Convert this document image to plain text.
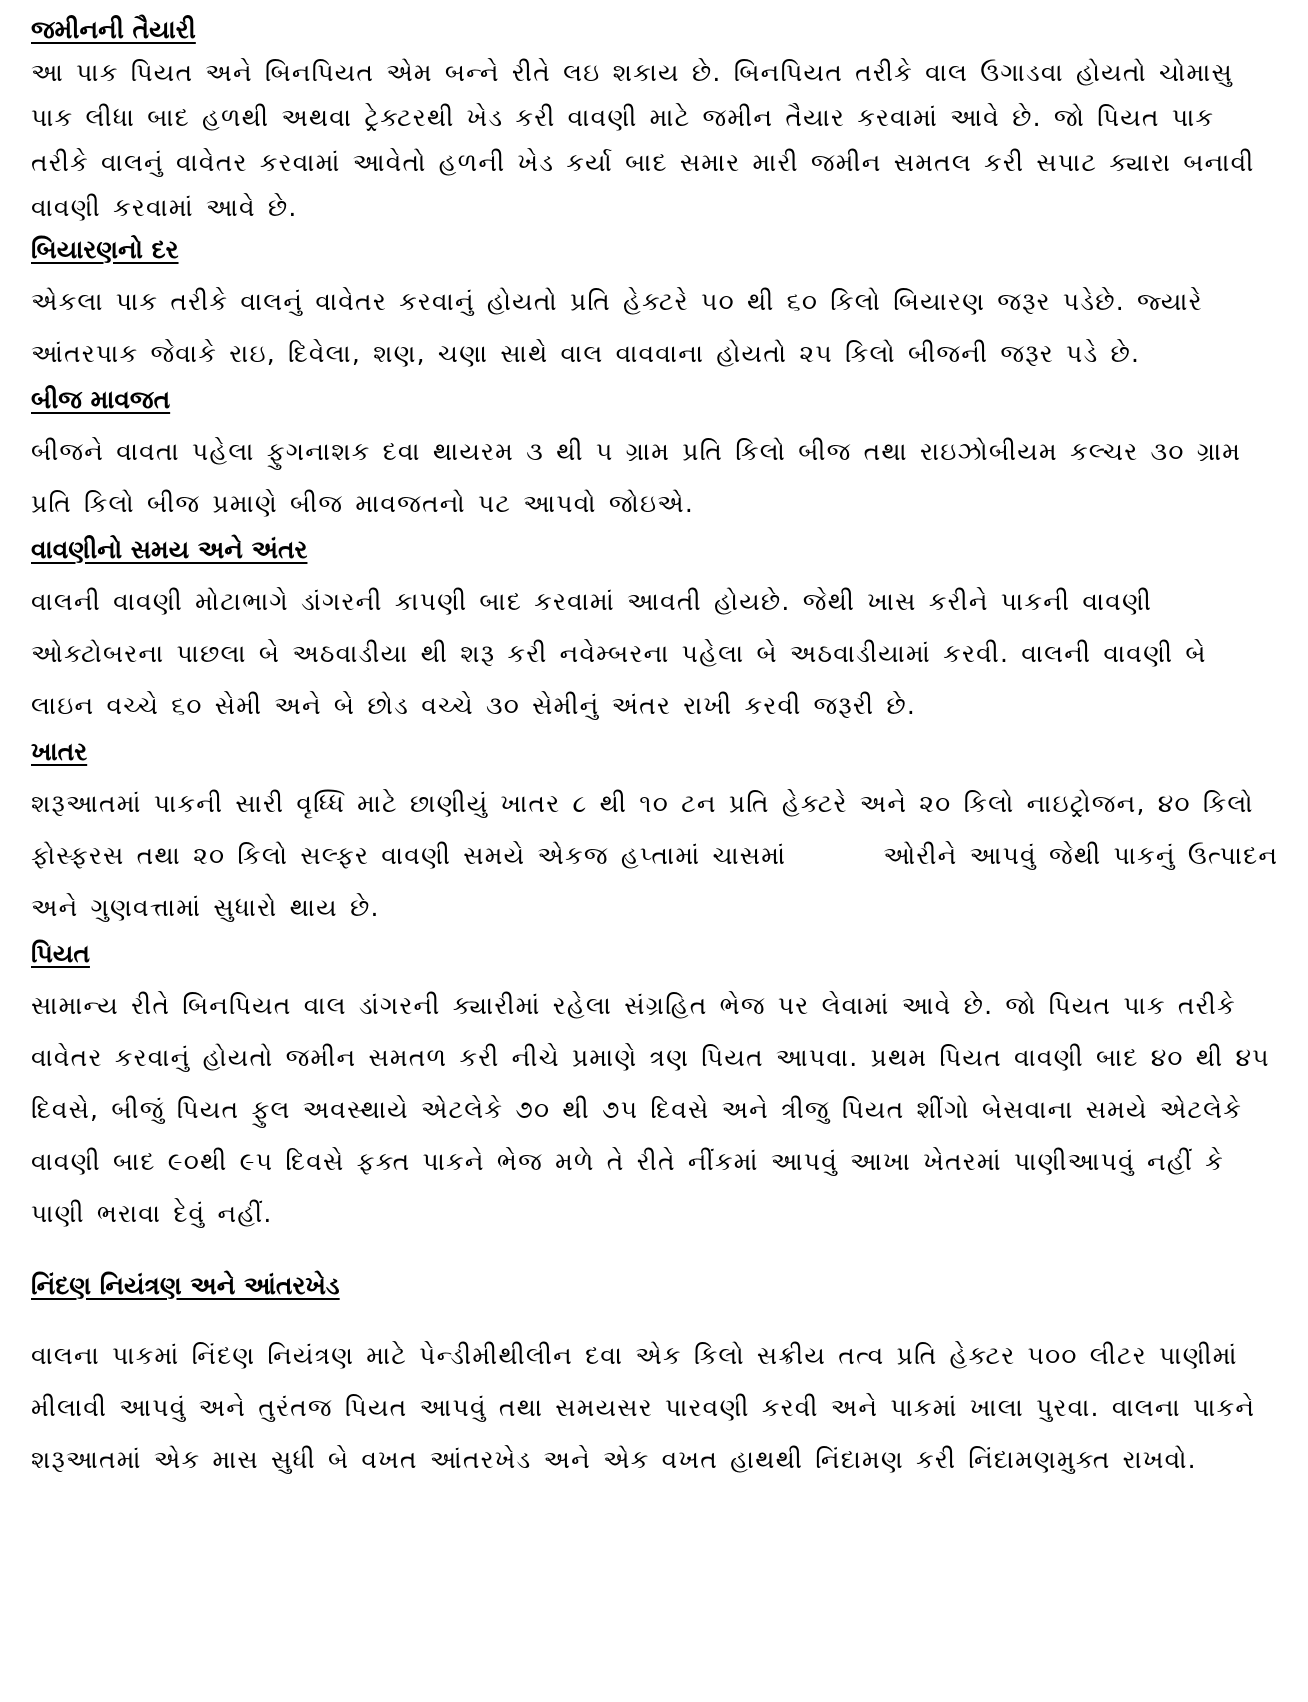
જમીનની તૈયારી

આ પાક પિયત અને બિનપિયત એમ બન્ને રીતે લઇ શકાય છે. બિનપિયત તરીકે વાલ ઉગાડવા હોયતો ચોમાસુ પાક લીધા બાદ હળથી અથવા ટ્રેક્ટરથી ખેડ કરી વાવણી માટે જમીન તૈયાર કરવામાં આવે છે. જો પિયત પાક તરીકે વાલનું વાવેતર કરવામાં આવેતો હળની ખેડ કર્યા બાદ સમાર મારી જમીન સમતલ કરી સપાટ ક્યારા બનાવી વાવણી કરવામાં આવે છે.

બિયારણનો દર

એકલા પાક તરીકે વાલનું વાવેતર કરવાનું હોયતો પ્રતિ હેક્ટરે ૫૦ થી ૬૦ કિલો બિયારણ જરૂર પડેછે. જ્યારે આંતરપાક જેવાકે રાઇ, દિવેલા, શણ, ચણા સાથે વાલ વાવવાના હોયતો ૨૫ કિલો બીજની જરૂર પડે છે.

બીજ માવજત

બીજને વાવતા પહેલા ફુગનાશક દવા થાયરમ ૩ થી ૫ ગ્રામ પ્રતિ કિલો બીજ તથા રાઇઝોબીયમ કલ્ચર ૩૦ ગ્રામ પ્રતિ કિલો બીજ પ્રમાણે બીજ માવજતનો પટ આપવો જોઇએ.

વાવણીનો સમય અને અંતર

વાલની વાવણી મોટાભાગે ડાંગરની કાપણી બાદ કરવામાં આવતી હોયછે. જેથી ખાસ કરીને પાકની વાવણી ઓક્ટોબરના પાછલા બે અઠવાડીયા થી શરૂ કરી નવેમ્બરના પહેલા બે અઠવાડીયામાં કરવી. વાલની વાવણી બે લાઇન વચ્ચે ૬૦ સેમી અને બે છોડ વચ્ચે ૩૦ સેમીનું અંતર રાખી કરવી જરૂરી છે.

ખાતર

શરૂઆતમાં પાકની સારી વૃધ્ધિ માટે છાણીયું ખાતર ૮ થી ૧૦ ટન પ્રતિ હેક્ટરે અને ૨૦ કિલો નાઇટ્રોજન, ૪૦ કિલો ફોસ્ફરસ તથા ૨૦ કિલો સલ્ફર વાવણી સમયે એકજ હપ્તામાં ચાસમાં        ઓરીને આપવું જેથી પાકનું ઉત્પાદન અને ગુણવત્તામાં સુધારો થાય છે.

પિયત

સામાન્ય રીતે બિનપિયત વાલ ડાંગરની ક્યારીમાં રહેલા સંગ્રહિત ભેજ પર લેવામાં આવે છે. જો પિયત પાક તરીકે વાવેતર કરવાનું હોયતો જમીન સમતળ કરી નીચે પ્રમાણે ત્રણ પિયત આપવા. પ્રથમ પિયત વાવણી બાદ ૪૦ થી ૪૫ દિવસે, બીજું પિયત ફુલ અવસ્થાયે એટલેકે ૭૦ થી ૭૫ દિવસે અને ત્રીજુ પિયત શીંગો બેસવાના સમયે એટલેકે વાવણી બાદ ૯૦થી ૯૫ દિવસે ફક્ત પાકને ભેજ મળે તે રીતે નીંકમાં આપવું આખા ખેતરમાં પાણીઆપવું નહીં કે પાણી ભરાવા દેવું નહીં.

નિંદણ નિયંત્રણ અને આંતરખેડ

વાલના પાકમાં નિંદણ નિયંત્રણ માટે પેન્ડીમીથીલીન દવા એક કિલો સક્રીય તત્વ પ્રતિ હેક્ટર ૫૦૦ લીટર પાણીમાં મીલાવી આપવું અને તુરંતજ પિયત આપવું તથા સમયસર પારવણી કરવી અને પાકમાં ખાલા પુરવા. વાલના પાકને શરૂઆતમાં એક માસ સુધી બે વખત આંતરખેડ અને એક વખત હાથથી નિંદામણ કરી નિંદામણમુક્ત રાખવો.
